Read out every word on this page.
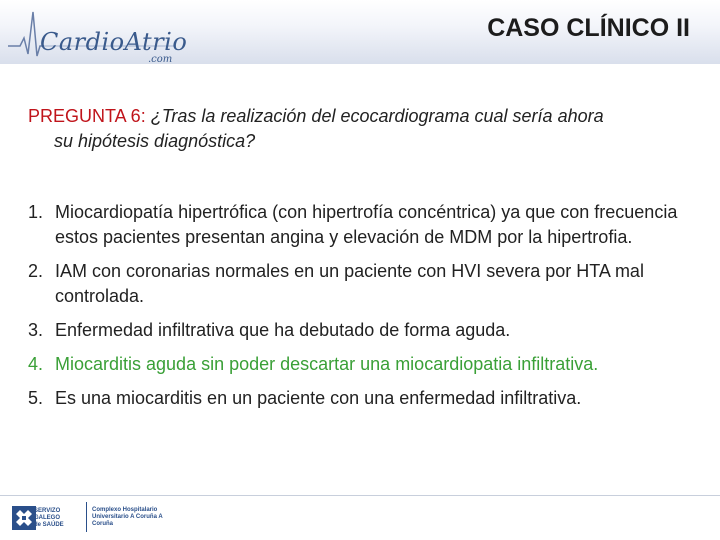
CardioAtrio
.com
CASO CLÍNICO II
PREGUNTA 6: ¿Tras la realización del ecocardiograma cual sería ahora
su hipótesis diagnóstica?
1. Miocardiopatía hipertrófica (con hipertrofía concéntrica) ya que con frecuencia estos pacientes presentan angina y elevación de MDM por la hipertrofia.
2. IAM con coronarias normales en un paciente con HVI severa por HTA mal controlada.
3. Enfermedad infiltrativa que ha debutado de forma aguda.
4. Miocarditis aguda sin poder descartar una miocardiopatia infiltrativa.
5. Es una miocarditis en un paciente con una enfermedad infiltrativa.
SERVIZO GALEGO de SAÚDE
Complexo Hospitalario Universitario A Coruña A Coruña
